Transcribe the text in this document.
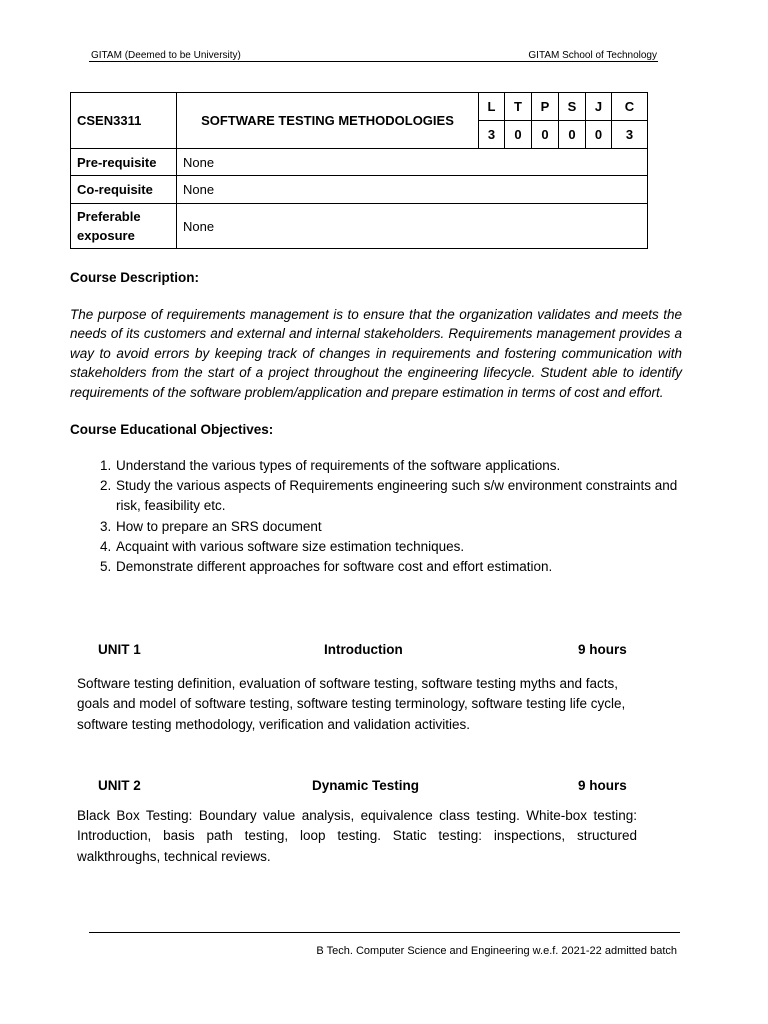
GITAM (Deemed to be University)	GITAM School of Technology
CSEN3311	SOFTWARE TESTING METHODOLOGIES	L	T	P	S	J	C
		3	0	0	0	0	3
Pre-requisite	None						
Co-requisite	None						
Preferable
exposure	None						
Course Description:
The purpose of requirements management is to ensure that the organization validates and meets the needs of its customers and external and internal stakeholders. Requirements management provides a way to avoid errors by keeping track of changes in requirements and fostering communication with stakeholders from the start of a project throughout the engineering lifecycle. Student able to identify requirements of the software problem/application and prepare estimation in terms of cost and effort.
Course Educational Objectives:
1. Understand the various types of requirements of the software applications.
2. Study the various aspects of Requirements engineering such s/w environment constraints and risk, feasibility etc.
3. How to prepare an SRS document
4. Acquaint with various software size estimation techniques.
5. Demonstrate different approaches for software cost and effort estimation.
UNIT 1	Introduction	9 hours
Software testing definition, evaluation of software testing, software testing myths and facts, goals and model of software testing, software testing terminology, software testing life cycle, software testing methodology, verification and validation activities.
UNIT 2	Dynamic Testing	9 hours
Black Box Testing: Boundary value analysis, equivalence class testing. White-box testing: Introduction, basis path testing, loop testing. Static testing: inspections, structured walkthroughs, technical reviews.
B Tech. Computer Science and Engineering w.e.f. 2021-22 admitted batch
